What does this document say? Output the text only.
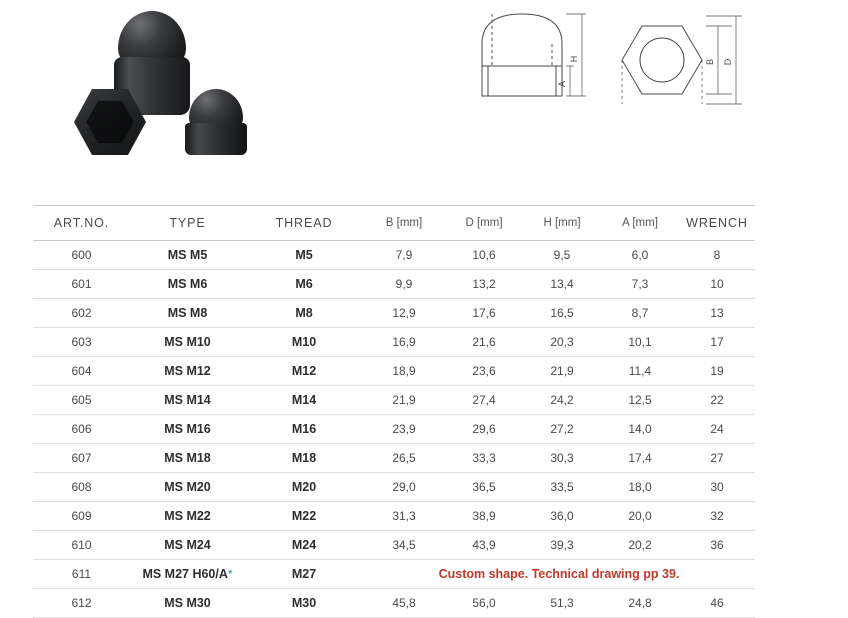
H
A
B D
ART.NO.	TYPE	THREAD	B [mm]	D [mm]	H [mm]	A [mm]	WRENCH
600	MS M5	M5	7,9	10,6	9,5	6,0	8
601	MS M6	M6	9,9	13,2	13,4	7,3	10
602	MS M8	M8	12,9	17,6	16,5	8,7	13
603	MS M10	M10	16,9	21,6	20,3	10,1	17
604	MS M12	M12	18,9	23,6	21,9	11,4	19
605	MS M14	M14	21,9	27,4	24,2	12,5	22
606	MS M16	M16	23,9	29,6	27,2	14,0	24
607	MS M18	M18	26,5	33,3	30,3	17,4	27
608	MS M20	M20	29,0	36,5	33,5	18,0	30
609	MS M22	M22	31,3	38,9	36,0	20,0	32
610	MS M24	M24	34,5	43,9	39,3	20,2	36
611	MS M27 H60/A*	M27	Custom shape. Technical drawing pp 39.				
612	MS M30	M30	45,8	56,0	51,3	24,8	46
